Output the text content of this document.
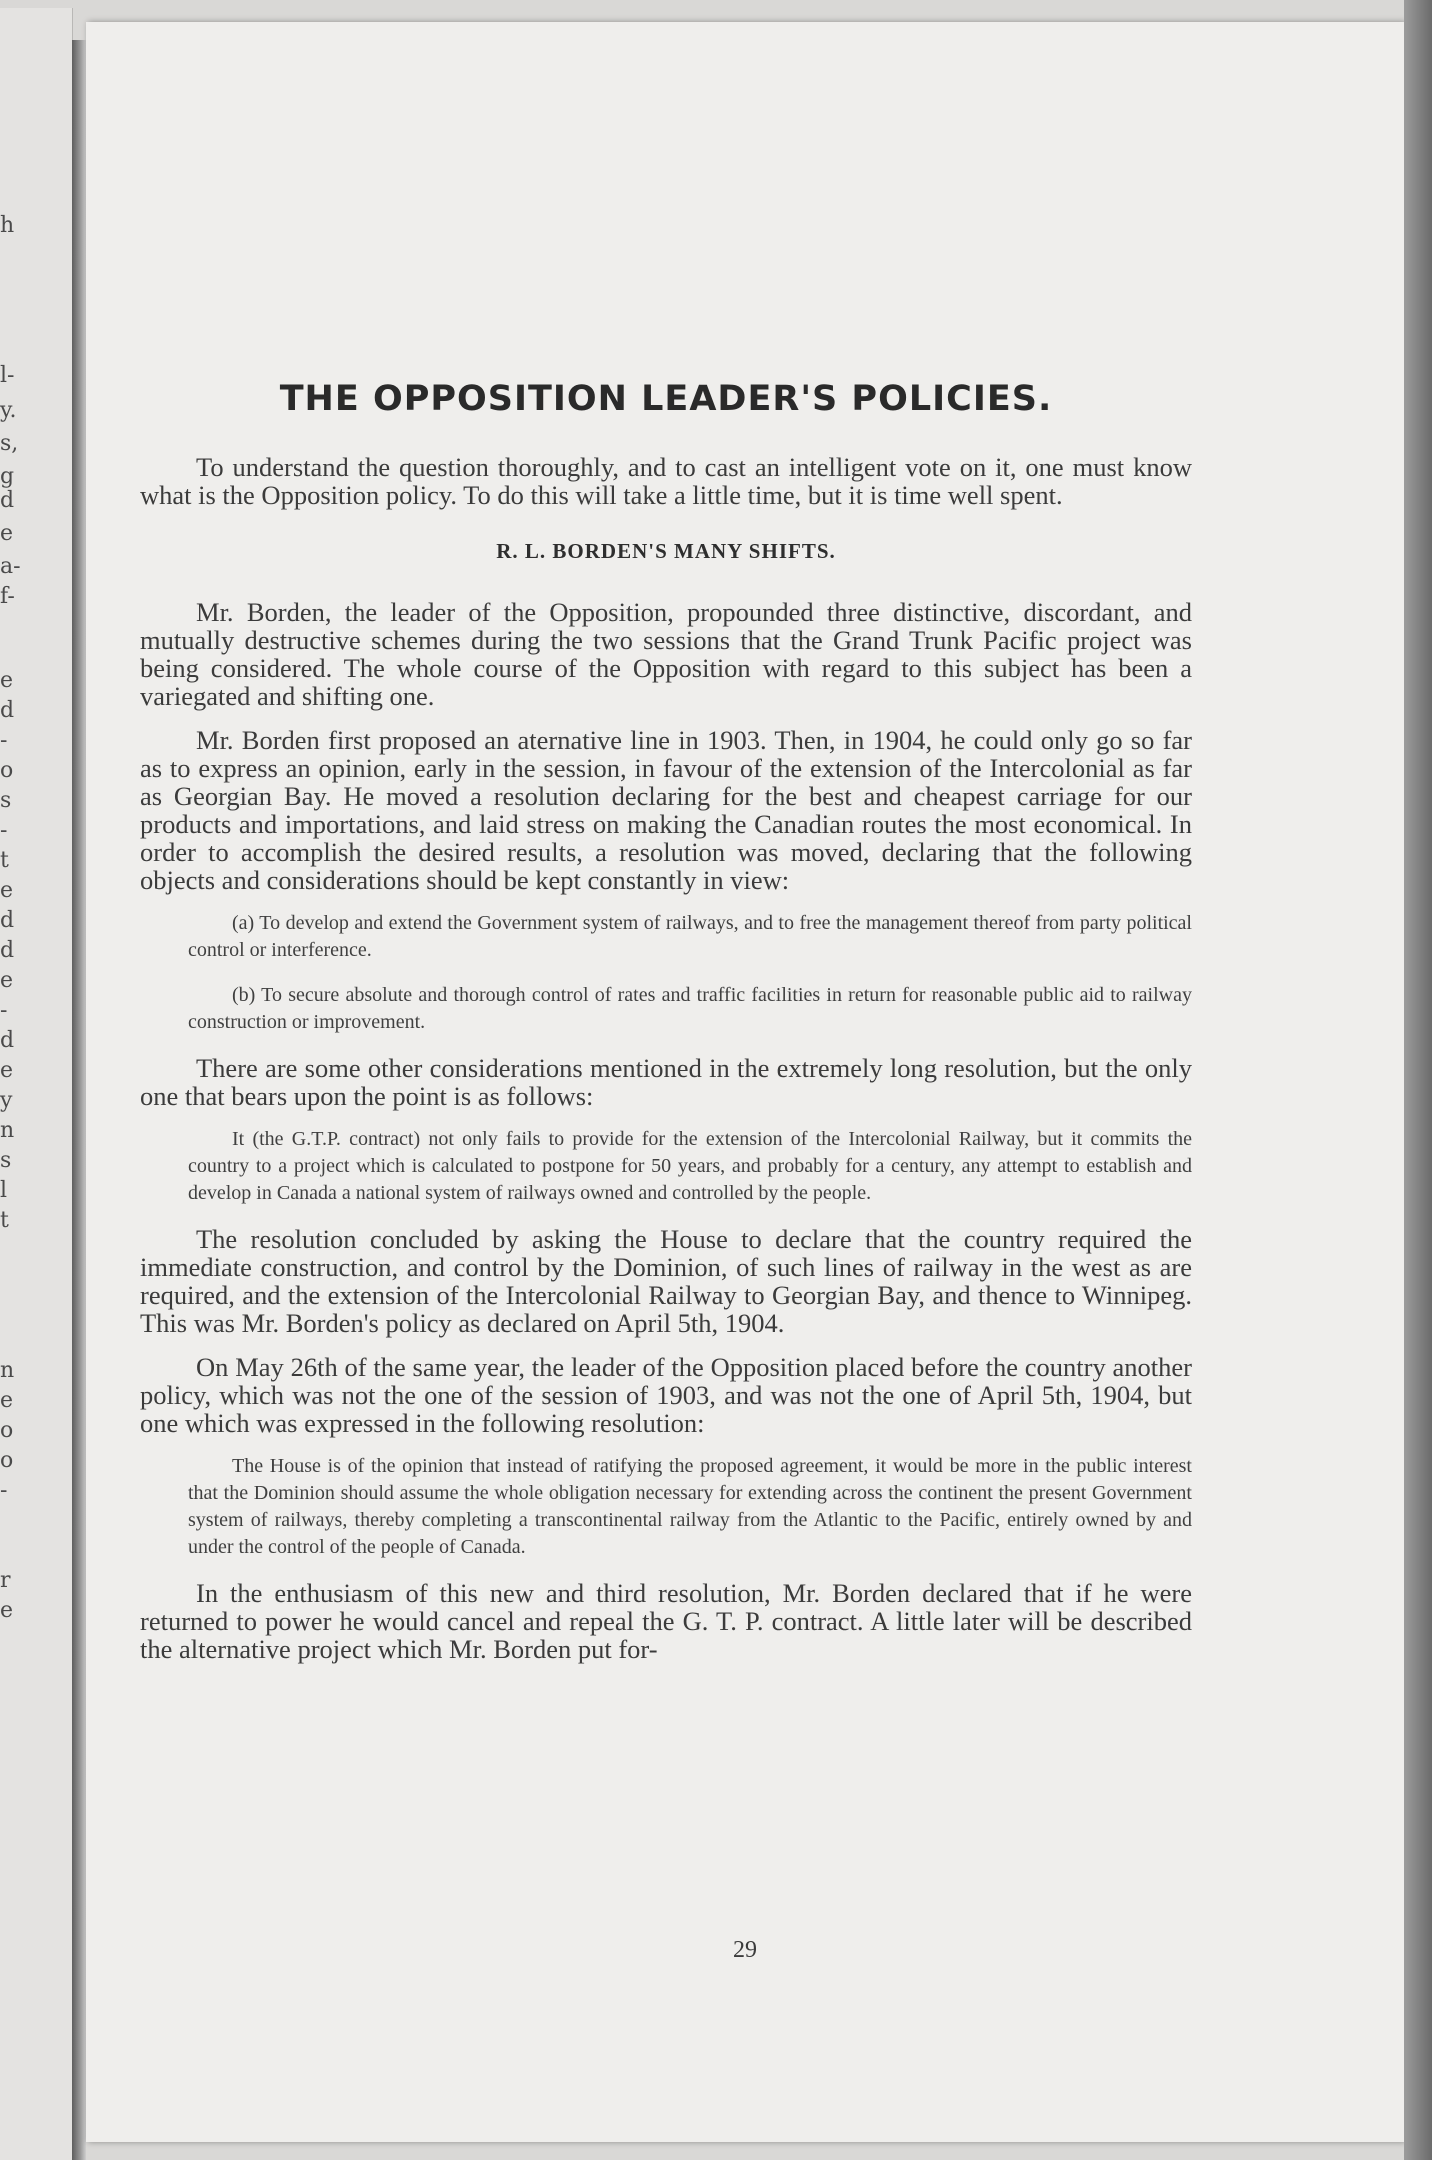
h
l-
y.
s,
g
d
e
a-
f-
e
d
-
o
s
-
t
e
d
d
e
-
d
e
y
n
s
l
t
n
e
o
o
-
r
e
THE OPPOSITION LEADER'S POLICIES.

To understand the question thoroughly, and to cast an intelligent vote on it, one must know what is the Opposition policy. To do this will take a little time, but it is time well spent.

R. L. BORDEN'S MANY SHIFTS.

Mr. Borden, the leader of the Opposition, propounded three distinctive, discordant, and mutually destructive schemes during the two sessions that the Grand Trunk Pacific project was being considered. The whole course of the Opposition with regard to this subject has been a variegated and shifting one.

Mr. Borden first proposed an aternative line in 1903. Then, in 1904, he could only go so far as to express an opinion, early in the session, in favour of the extension of the Intercolonial as far as Georgian Bay. He moved a resolution declaring for the best and cheapest carriage for our products and importations, and laid stress on making the Canadian routes the most economical. In order to accomplish the desired results, a resolution was moved, declaring that the following objects and considerations should be kept constantly in view:

(a) To develop and extend the Government system of railways, and to free the management thereof from party political control or interference.

(b) To secure absolute and thorough control of rates and traffic facilities in return for reasonable public aid to railway construction or improvement.

There are some other considerations mentioned in the extremely long resolution, but the only one that bears upon the point is as follows:

It (the G.T.P. contract) not only fails to provide for the extension of the Intercolonial Railway, but it commits the country to a project which is calculated to postpone for 50 years, and probably for a century, any attempt to establish and develop in Canada a national system of railways owned and controlled by the people.

The resolution concluded by asking the House to declare that the country required the immediate construction, and control by the Dominion, of such lines of railway in the west as are required, and the extension of the Intercolonial Railway to Georgian Bay, and thence to Winnipeg. This was Mr. Borden's policy as declared on April 5th, 1904.

On May 26th of the same year, the leader of the Opposition placed before the country another policy, which was not the one of the session of 1903, and was not the one of April 5th, 1904, but one which was expressed in the following resolution:

The House is of the opinion that instead of ratifying the proposed agreement, it would be more in the public interest that the Dominion should assume the whole obligation necessary for extending across the continent the present Government system of railways, thereby completing a transcontinental railway from the Atlantic to the Pacific, entirely owned by and under the control of the people of Canada.

In the enthusiasm of this new and third resolution, Mr. Borden declared that if he were returned to power he would cancel and repeal the G. T. P. contract. A little later will be described the alternative project which Mr. Borden put for-

29
